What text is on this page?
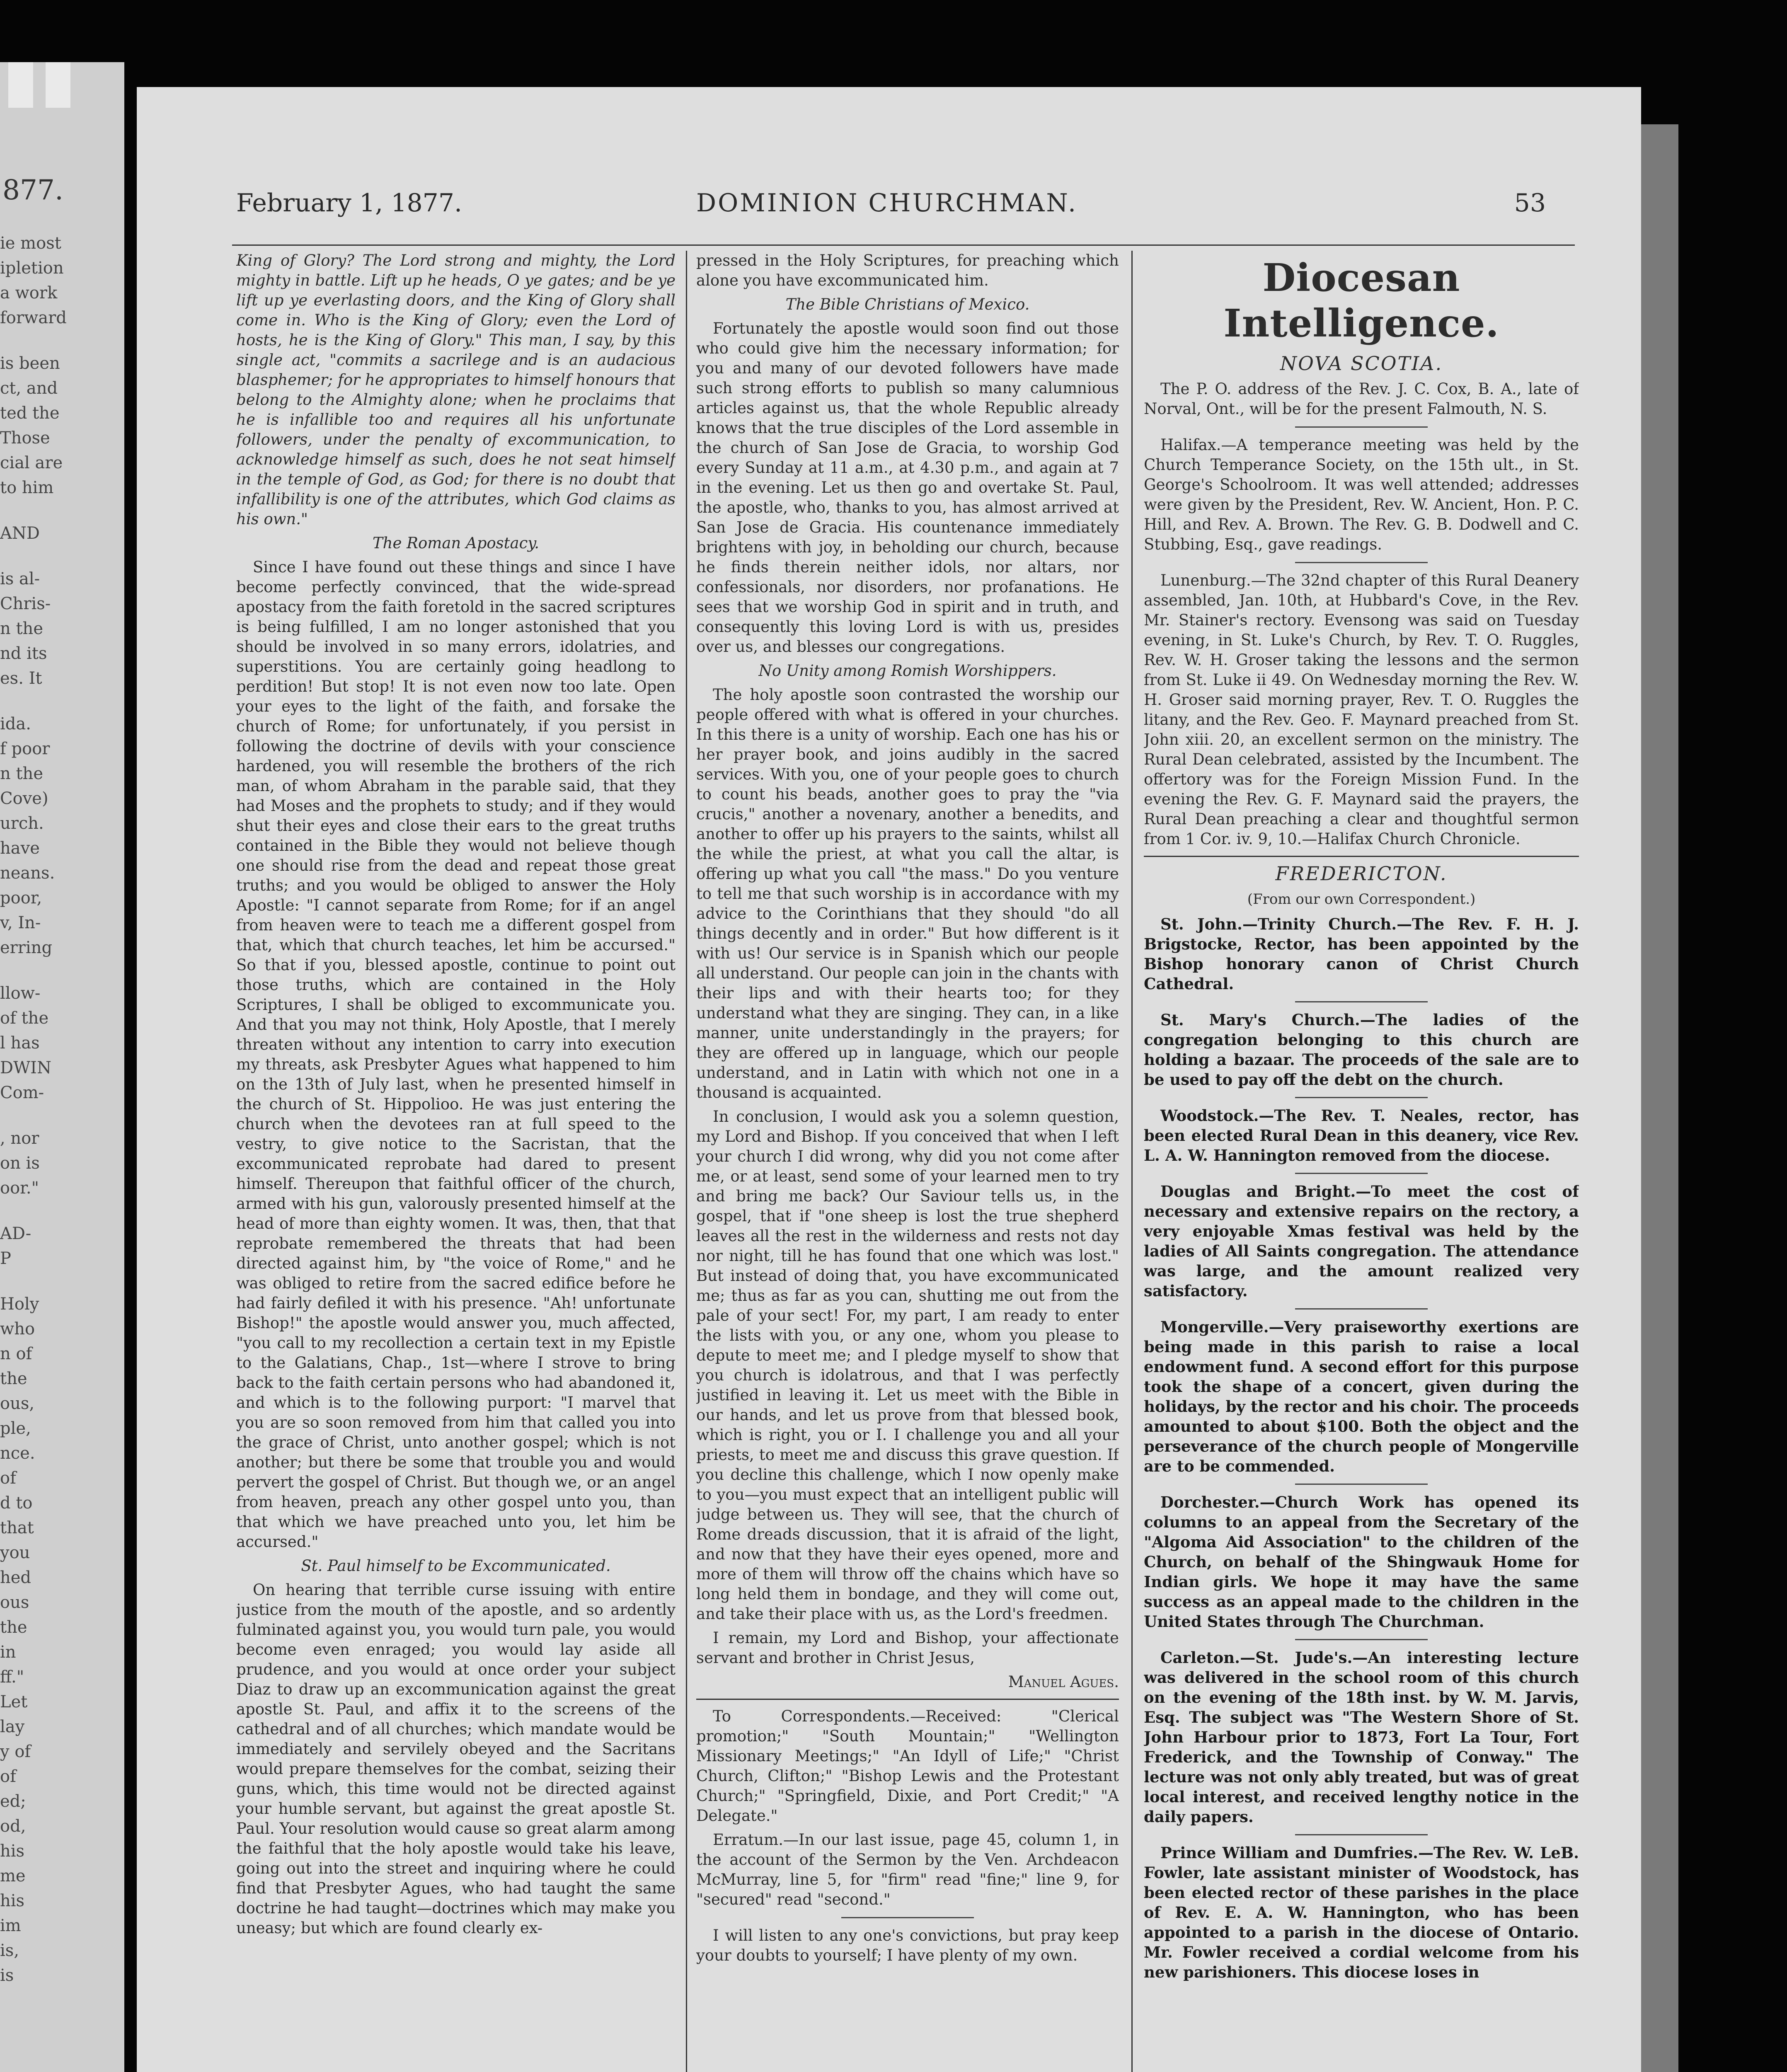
877.
ie most
ipletion
a work
forward
is been
ct, and
ted the
Those
cial are
to him
AND
is al-
Chris-
n the
nd its
es. It
ida.
f poor
n the
Cove)
urch.
have
neans.
poor,
v, In-
erring
llow-
of the
l has
DWIN
Com-
, nor
on is
oor."
AD-
P
Holy
who
n of
the
ous,
ple,
nce.
of
d to
that
you
hed
ous
the
in
ff."
Let
lay
y of
of
ed;
od,
his
me
his
im
is,
is
February 1, 1877.	DOMINION CHURCHMAN.	53

King of Glory? The Lord strong and mighty, the Lord mighty in battle. Lift up he heads, O ye gates; and be ye lift up ye everlasting doors, and the King of Glory shall come in. Who is the King of Glory; even the Lord of hosts, he is the King of Glory." This man, I say, by this single act, "commits a sacrilege and is an audacious blasphemer; for he appropriates to himself honours that belong to the Almighty alone; when he proclaims that he is infallible too and requires all his unfortunate followers, under the penalty of excommunication, to acknowledge himself as such, does he not seat himself in the temple of God, as God; for there is no doubt that infallibility is one of the attributes, which God claims as his own."

The Roman Apostacy.

Since I have found out these things and since I have become perfectly convinced, that the wide-spread apostacy from the faith foretold in the sacred scriptures is being fulfilled, I am no longer astonished that you should be involved in so many errors, idolatries, and superstitions. You are certainly going headlong to perdition! But stop! It is not even now too late. Open your eyes to the light of the faith, and forsake the church of Rome; for unfortunately, if you persist in following the doctrine of devils with your conscience hardened, you will resemble the brothers of the rich man, of whom Abraham in the parable said, that they had Moses and the prophets to study; and if they would shut their eyes and close their ears to the great truths contained in the Bible they would not believe though one should rise from the dead and repeat those great truths; and you would be obliged to answer the Holy Apostle: "I cannot separate from Rome; for if an angel from heaven were to teach me a different gospel from that, which that church teaches, let him be accursed." So that if you, blessed apostle, continue to point out those truths, which are contained in the Holy Scriptures, I shall be obliged to excommunicate you. And that you may not think, Holy Apostle, that I merely threaten without any intention to carry into execution my threats, ask Presbyter Agues what happened to him on the 13th of July last, when he presented himself in the church of St. Hippolioo. He was just entering the church when the devotees ran at full speed to the vestry, to give notice to the Sacristan, that the excommunicated reprobate had dared to present himself. Thereupon that faithful officer of the church, armed with his gun, valorously presented himself at the head of more than eighty women. It was, then, that that reprobate remembered the threats that had been directed against him, by "the voice of Rome," and he was obliged to retire from the sacred edifice before he had fairly defiled it with his presence. "Ah! unfortunate Bishop!" the apostle would answer you, much affected, "you call to my recollection a certain text in my Epistle to the Galatians, Chap., 1st—where I strove to bring back to the faith certain persons who had abandoned it, and which is to the following purport: "I marvel that you are so soon removed from him that called you into the grace of Christ, unto another gospel; which is not another; but there be some that trouble you and would pervert the gospel of Christ. But though we, or an angel from heaven, preach any other gospel unto you, than that which we have preached unto you, let him be accursed."

St. Paul himself to be Excommunicated.

On hearing that terrible curse issuing with entire justice from the mouth of the apostle, and so ardently fulminated against you, you would turn pale, you would become even enraged; you would lay aside all prudence, and you would at once order your subject Diaz to draw up an excommunication against the great apostle St. Paul, and affix it to the screens of the cathedral and of all churches; which mandate would be immediately and servilely obeyed and the Sacritans would prepare themselves for the combat, seizing their guns, which, this time would not be directed against your humble servant, but against the great apostle St. Paul. Your resolution would cause so great alarm among the faithful that the holy apostle would take his leave, going out into the street and inquiring where he could find that Presbyter Agues, who had taught the same doctrine he had taught—doctrines which may make you uneasy; but which are found clearly ex-

pressed in the Holy Scriptures, for preaching which alone you have excommunicated him.

The Bible Christians of Mexico.

Fortunately the apostle would soon find out those who could give him the necessary information; for you and many of our devoted followers have made such strong efforts to publish so many calumnious articles against us, that the whole Republic already knows that the true disciples of the Lord assemble in the church of San Jose de Gracia, to worship God every Sunday at 11 a.m., at 4.30 p.m., and again at 7 in the evening. Let us then go and overtake St. Paul, the apostle, who, thanks to you, has almost arrived at San Jose de Gracia. His countenance immediately brightens with joy, in beholding our church, because he finds therein neither idols, nor altars, nor confessionals, nor disorders, nor profanations. He sees that we worship God in spirit and in truth, and consequently this loving Lord is with us, presides over us, and blesses our congregations.

No Unity among Romish Worshippers.

The holy apostle soon contrasted the worship our people offered with what is offered in your churches. In this there is a unity of worship. Each one has his or her prayer book, and joins audibly in the sacred services. With you, one of your people goes to church to count his beads, another goes to pray the "via crucis," another a novenary, another a benedits, and another to offer up his prayers to the saints, whilst all the while the priest, at what you call the altar, is offering up what you call "the mass." Do you venture to tell me that such worship is in accordance with my advice to the Corinthians that they should "do all things decently and in order." But how different is it with us! Our service is in Spanish which our people all understand. Our people can join in the chants with their lips and with their hearts too; for they understand what they are singing. They can, in a like manner, unite understandingly in the prayers; for they are offered up in language, which our people understand, and in Latin with which not one in a thousand is acquainted.

In conclusion, I would ask you a solemn question, my Lord and Bishop. If you conceived that when I left your church I did wrong, why did you not come after me, or at least, send some of your learned men to try and bring me back? Our Saviour tells us, in the gospel, that if "one sheep is lost the true shepherd leaves all the rest in the wilderness and rests not day nor night, till he has found that one which was lost." But instead of doing that, you have excommunicated me; thus as far as you can, shutting me out from the pale of your sect! For, my part, I am ready to enter the lists with you, or any one, whom you please to depute to meet me; and I pledge myself to show that you church is idolatrous, and that I was perfectly justified in leaving it. Let us meet with the Bible in our hands, and let us prove from that blessed book, which is right, you or I. I challenge you and all your priests, to meet me and discuss this grave question. If you decline this challenge, which I now openly make to you—you must expect that an intelligent public will judge between us. They will see, that the church of Rome dreads discussion, that it is afraid of the light, and now that they have their eyes opened, more and more of them will throw off the chains which have so long held them in bondage, and they will come out, and take their place with us, as the Lord's freedmen.

I remain, my Lord and Bishop, your affectionate servant and brother in Christ Jesus,

Manuel Agues.

To Correspondents.—Received: "Clerical promotion;" "South Mountain;" "Wellington Missionary Meetings;" "An Idyll of Life;" "Christ Church, Clifton;" "Bishop Lewis and the Protestant Church;" "Springfield, Dixie, and Port Credit;" "A Delegate."

Erratum.—In our last issue, page 45, column 1, in the account of the Sermon by the Ven. Archdeacon McMurray, line 5, for "firm" read "fine;" line 9, for "secured" read "second."

I will listen to any one's convictions, but pray keep your doubts to yourself; I have plenty of my own.

Diocesan Intelligence.

NOVA SCOTIA.

The P. O. address of the Rev. J. C. Cox, B. A., late of Norval, Ont., will be for the present Falmouth, N. S.

Halifax.—A temperance meeting was held by the Church Temperance Society, on the 15th ult., in St. George's Schoolroom. It was well attended; addresses were given by the President, Rev. W. Ancient, Hon. P. C. Hill, and Rev. A. Brown. The Rev. G. B. Dodwell and C. Stubbing, Esq., gave readings.

Lunenburg.—The 32nd chapter of this Rural Deanery assembled, Jan. 10th, at Hubbard's Cove, in the Rev. Mr. Stainer's rectory. Evensong was said on Tuesday evening, in St. Luke's Church, by Rev. T. O. Ruggles, Rev. W. H. Groser taking the lessons and the sermon from St. Luke ii 49. On Wednesday morning the Rev. W. H. Groser said morning prayer, Rev. T. O. Ruggles the litany, and the Rev. Geo. F. Maynard preached from St. John xiii. 20, an excellent sermon on the ministry. The Rural Dean celebrated, assisted by the Incumbent. The offertory was for the Foreign Mission Fund. In the evening the Rev. G. F. Maynard said the prayers, the Rural Dean preaching a clear and thoughtful sermon from 1 Cor. iv. 9, 10.—Halifax Church Chronicle.

FREDERICTON.

(From our own Correspondent.)

St. John.—Trinity Church.—The Rev. F. H. J. Brigstocke, Rector, has been appointed by the Bishop honorary canon of Christ Church Cathedral.

St. Mary's Church.—The ladies of the congregation belonging to this church are holding a bazaar. The proceeds of the sale are to be used to pay off the debt on the church.

Woodstock.—The Rev. T. Neales, rector, has been elected Rural Dean in this deanery, vice Rev. L. A. W. Hannington removed from the diocese.

Douglas and Bright.—To meet the cost of necessary and extensive repairs on the rectory, a very enjoyable Xmas festival was held by the ladies of All Saints congregation. The attendance was large, and the amount realized very satisfactory.

Mongerville.—Very praiseworthy exertions are being made in this parish to raise a local endowment fund. A second effort for this purpose took the shape of a concert, given during the holidays, by the rector and his choir. The proceeds amounted to about $100. Both the object and the perseverance of the church people of Mongerville are to be commended.

Dorchester.—Church Work has opened its columns to an appeal from the Secretary of the "Algoma Aid Association" to the children of the Church, on behalf of the Shingwauk Home for Indian girls. We hope it may have the same success as an appeal made to the children in the United States through The Churchman.

Carleton.—St. Jude's.—An interesting lecture was delivered in the school room of this church on the evening of the 18th inst. by W. M. Jarvis, Esq. The subject was "The Western Shore of St. John Harbour prior to 1873, Fort La Tour, Fort Frederick, and the Township of Conway." The lecture was not only ably treated, but was of great local interest, and received lengthy notice in the daily papers.

Prince William and Dumfries.—The Rev. W. LeB. Fowler, late assistant minister of Woodstock, has been elected rector of these parishes in the place of Rev. E. A. W. Hannington, who has been appointed to a parish in the diocese of Ontario. Mr. Fowler received a cordial welcome from his new parishioners. This diocese loses in
